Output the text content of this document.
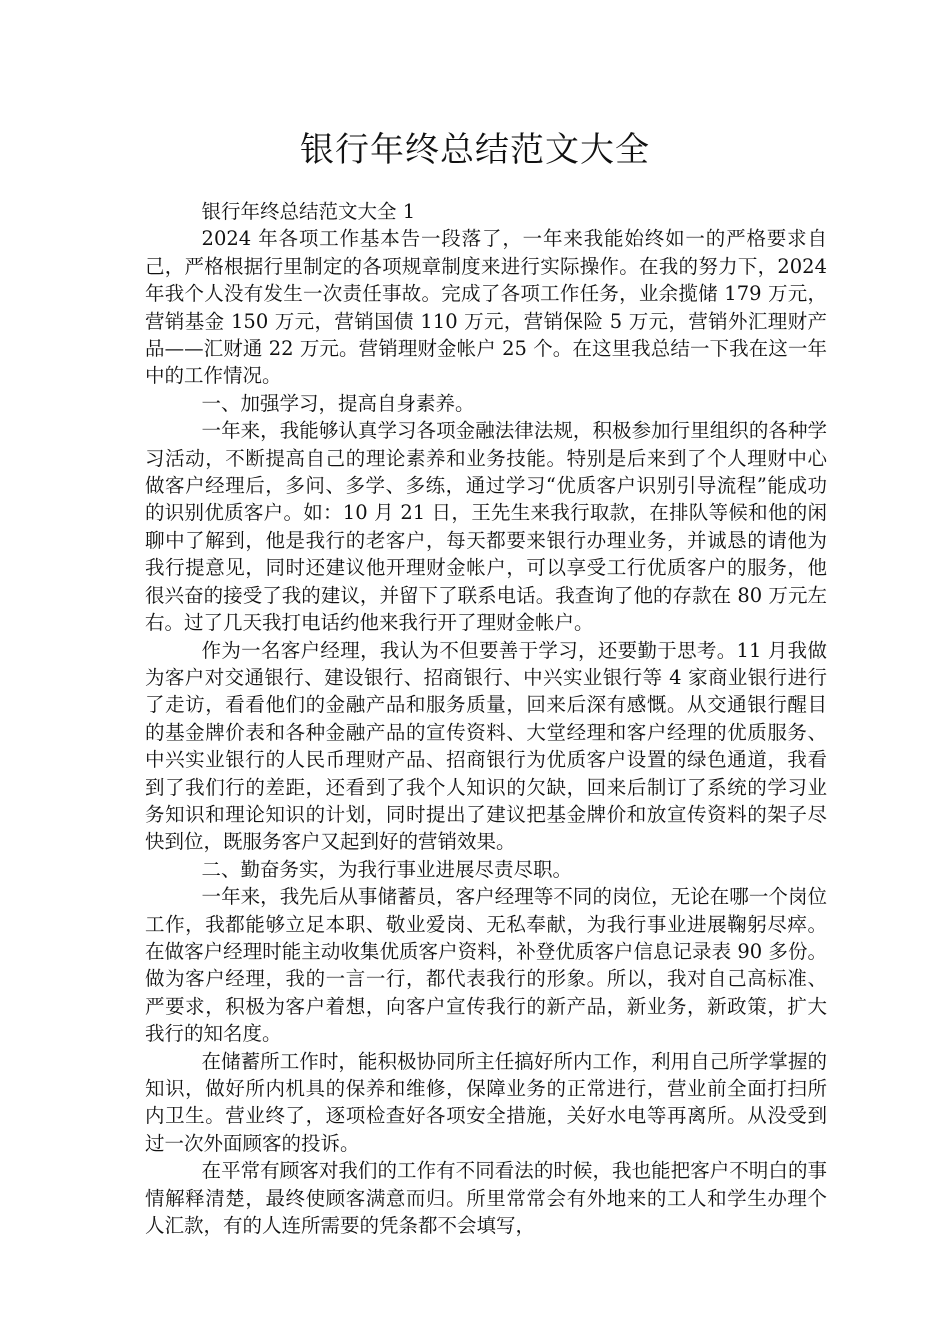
银行年终总结范文大全

银行年终总结范文大全 1

2024 年各项工作基本告一段落了，一年来我能始终如一的严格要求自己，严格根据行里制定的各项规章制度来进行实际操作。在我的努力下，2024 年我个人没有发生一次责任事故。完成了各项工作任务，业余揽储 179 万元，营销基金 150 万元，营销国债 110 万元，营销保险 5 万元，营销外汇理财产品——汇财通 22 万元。营销理财金帐户 25 个。在这里我总结一下我在这一年中的工作情况。

一、加强学习，提高自身素养。

一年来，我能够认真学习各项金融法律法规，积极参加行里组织的各种学习活动，不断提高自己的理论素养和业务技能。特别是后来到了个人理财中心做客户经理后，多问、多学、多练，通过学习“优质客户识别引导流程”能成功的识别优质客户。如：10 月 21 日，王先生来我行取款，在排队等候和他的闲聊中了解到，他是我行的老客户，每天都要来银行办理业务，并诚恳的请他为我行提意见，同时还建议他开理财金帐户，可以享受工行优质客户的服务，他很兴奋的接受了我的建议，并留下了联系电话。我查询了他的存款在 80 万元左右。过了几天我打电话约他来我行开了理财金帐户。

作为一名客户经理，我认为不但要善于学习，还要勤于思考。11 月我做为客户对交通银行、建设银行、招商银行、中兴实业银行等 4 家商业银行进行了走访，看看他们的金融产品和服务质量，回来后深有感慨。从交通银行醒目的基金牌价表和各种金融产品的宣传资料、大堂经理和客户经理的优质服务、中兴实业银行的人民币理财产品、招商银行为优质客户设置的绿色通道，我看到了我们行的差距，还看到了我个人知识的欠缺，回来后制订了系统的学习业务知识和理论知识的计划，同时提出了建议把基金牌价和放宣传资料的架子尽快到位，既服务客户又起到好的营销效果。

二、勤奋务实，为我行事业进展尽责尽职。

一年来，我先后从事储蓄员，客户经理等不同的岗位，无论在哪一个岗位工作，我都能够立足本职、敬业爱岗、无私奉献，为我行事业进展鞠躬尽瘁。在做客户经理时能主动收集优质客户资料，补登优质客户信息记录表 90 多份。做为客户经理，我的一言一行，都代表我行的形象。所以，我对自己高标准、严要求，积极为客户着想，向客户宣传我行的新产品，新业务，新政策，扩大我行的知名度。

在储蓄所工作时，能积极协同所主任搞好所内工作，利用自己所学掌握的知识，做好所内机具的保养和维修，保障业务的正常进行，营业前全面打扫所内卫生。营业终了，逐项检查好各项安全措施，关好水电等再离所。从没受到过一次外面顾客的投诉。

在平常有顾客对我们的工作有不同看法的时候，我也能把客户不明白的事情解释清楚，最终使顾客满意而归。所里常常会有外地来的工人和学生办理个人汇款，有的人连所需要的凭条都不会填写，
